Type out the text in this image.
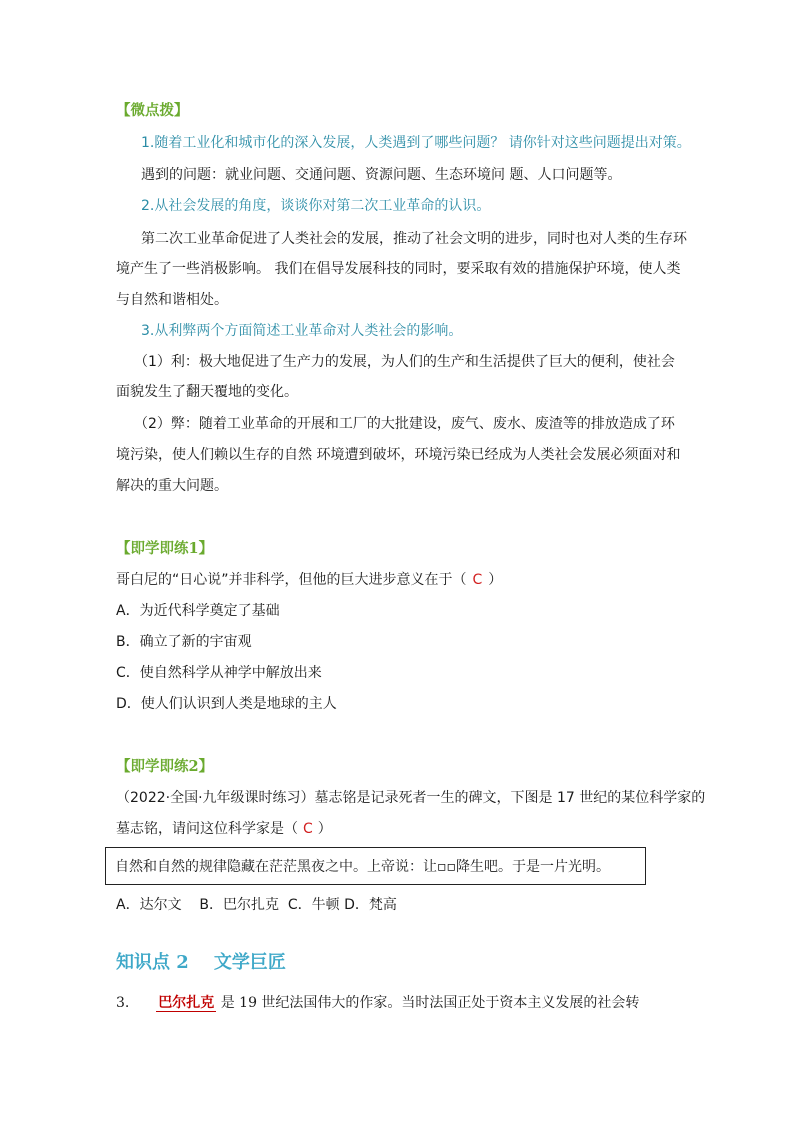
【微点拨】
1.随着工业化和城市化的深入发展，人类遇到了哪些问题？ 请你针对这些问题提出对策。
遇到的问题：就业问题、交通问题、资源问题、生态环境问 题、人口问题等。
2.从社会发展的角度，谈谈你对第二次工业革命的认识。
第二次工业革命促进了人类社会的发展，推动了社会文明的进步，同时也对人类的生存环
境产生了一些消极影响。 我们在倡导发展科技的同时，要采取有效的措施保护环境，使人类
与自然和谐相处。
3.从利弊两个方面简述工业革命对人类社会的影响。
（1）利：极大地促进了生产力的发展，为人们的生产和生活提供了巨大的便利，使社会
面貌发生了翻天覆地的变化。
（2）弊：随着工业革命的开展和工厂的大批建设，废气、废水、废渣等的排放造成了环
境污染，使人们赖以生存的自然 环境遭到破坏，环境污染已经成为人类社会发展必须面对和
解决的重大问题。
【即学即练1】
哥白尼的“日心说”并非科学，但他的巨大进步意义在于（ C ）
A．为近代科学奠定了基础
B．确立了新的宇宙观
C．使自然科学从神学中解放出来
D．使人们认识到人类是地球的主人
【即学即练2】
（2022·全国·九年级课时练习）墓志铭是记录死者一生的碑文，下图是 17 世纪的某位科学家的
墓志铭，请问这位科学家是（ C ）
自然和自然的规律隐藏在茫茫黑夜之中。上帝说：让▫▫降生吧。于是一片光明。
A．达尔文    B．巴尔扎克  C．牛顿 D．梵高
知识点 2    文学巨匠
3. 巴尔扎克 是 19 世纪法国伟大的作家。当时法国正处于资本主义发展的社会转
